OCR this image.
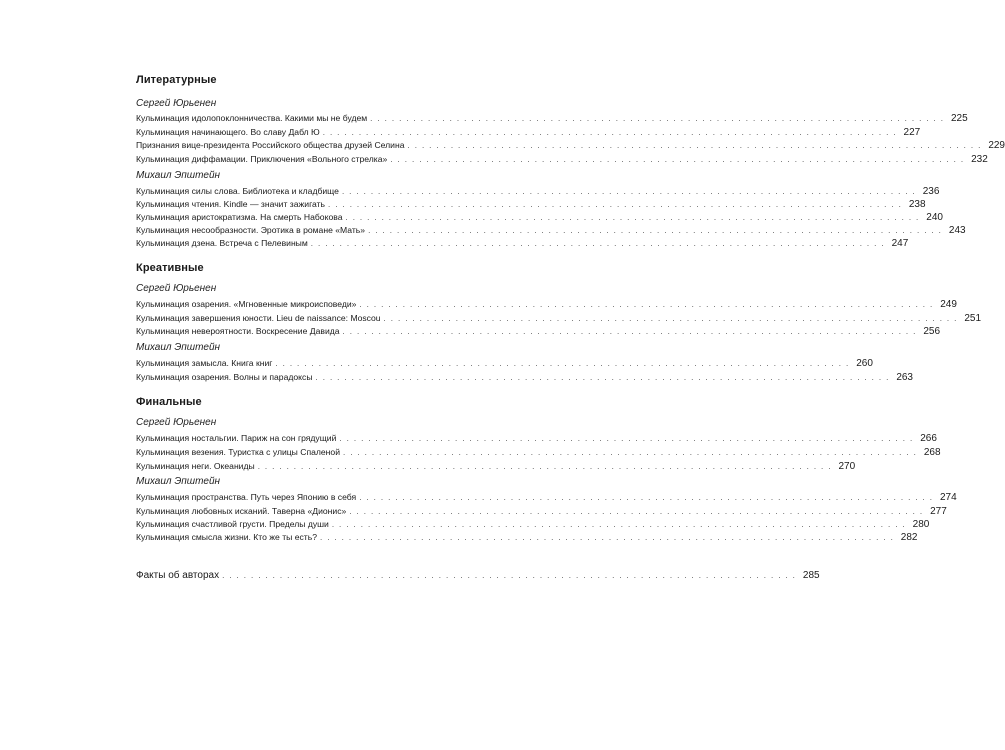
Литературные
Сергей Юрьенен
Кульминация идолопоклонничества. Какими мы не будем ................................................................................ 225
Кульминация начинающего. Во славу Дабл Ю ................................................................................ 227
Признания вице-президента Российского общества друзей Селина ................................................................................ 229
Кульминация диффамации. Приключения «Вольного стрелка» ................................................................................ 232
Михаил Эпштейн
Кульминация силы слова. Библиотека и кладбище ................................................................................ 236
Кульминация чтения. Kindle — значит зажигать ................................................................................ 238
Кульминация аристократизма. На смерть Набокова ................................................................................ 240
Кульминация несообразности. Эротика в романе «Мать» ................................................................................ 243
Кульминация дзена. Встреча с Пелевиным ................................................................................ 247
Креативные
Сергей Юрьенен
Кульминация озарения. «Мгновенные микроисповеди» ................................................................................ 249
Кульминация завершения юности. Lieu de naissance: Moscou ................................................................................ 251
Кульминация невероятности. Воскресение Давида ................................................................................ 256
Михаил Эпштейн
Кульминация замысла. Книга книг ................................................................................ 260
Кульминация озарения. Волны и парадоксы ................................................................................ 263
Финальные
Сергей Юрьенен
Кульминация ностальгии. Париж на сон грядущий ................................................................................ 266
Кульминация везения. Туристка с улицы Спаленой ................................................................................ 268
Кульминация неги. Океаниды ................................................................................ 270
Михаил Эпштейн
Кульминация пространства. Путь через Японию в себя ................................................................................ 274
Кульминация любовных исканий. Таверна «Дионис» ................................................................................ 277
Кульминация счастливой грусти. Пределы души ................................................................................ 280
Кульминация смысла жизни. Кто же ты есть? ................................................................................ 282
Факты об авторах ................................................................................ 285
